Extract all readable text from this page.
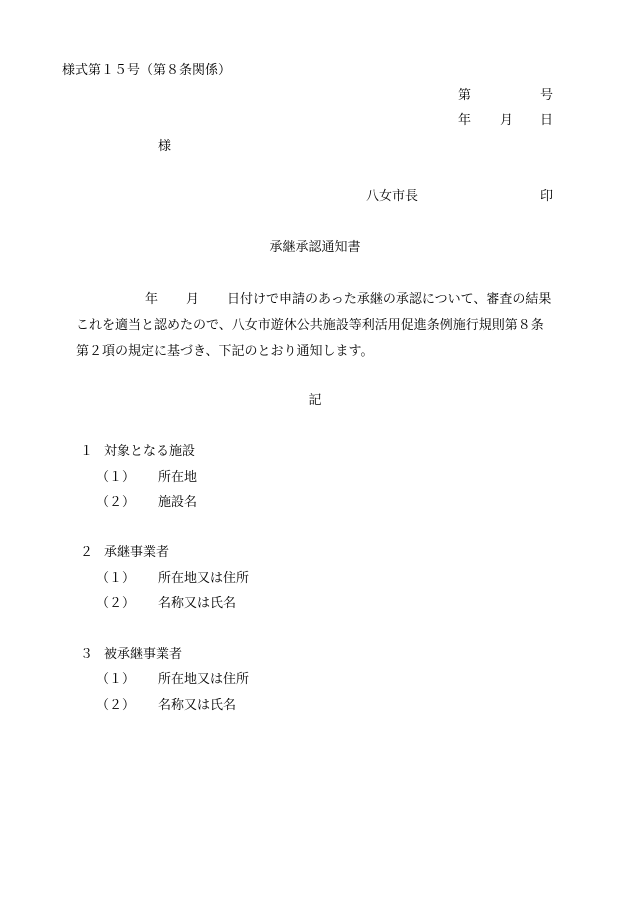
様式第１５号（第８条関係）
第	号
年 月 日
様
八女市長	印
承継承認通知書
年 月 日付けで申請のあった承継の承認について、審査の結果
これを適当と認めたので、八女市遊休公共施設等利活用促進条例施行規則第８条
第２項の規定に基づき、下記のとおり通知します。
記
１ 対象となる施設
（１） 所在地
（２） 施設名
２ 承継事業者
（１） 所在地又は住所
（２） 名称又は氏名
３ 被承継事業者
（１） 所在地又は住所
（２） 名称又は氏名
